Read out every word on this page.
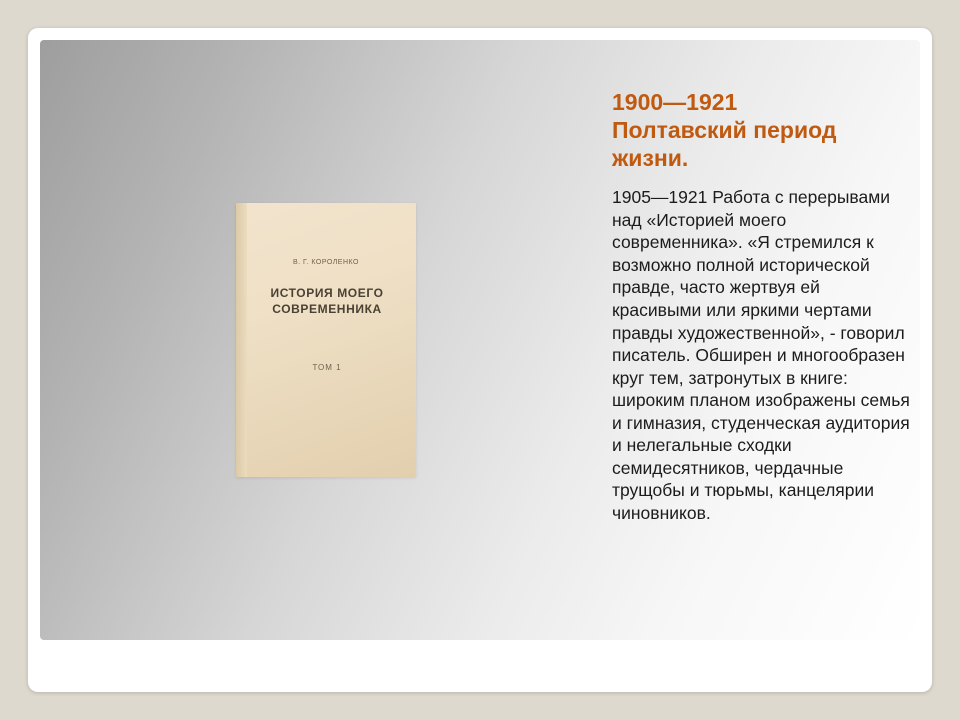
В. Г. КОРОЛЕНКО
ИСТОРИЯ МОЕГО СОВРЕМЕННИКА
ТОМ 1
1900—1921
Полтавский период жизни.

1905—1921 Работа с перерывами над «Историей моего современника». «Я стремился к возможно полной исторической правде, часто жертвуя ей красивыми или яркими чертами правды художественной», - говорил писатель. Обширен и многообразен круг тем, затронутых в книге: широким планом изображены семья и гимназия, студенческая аудитория и нелегальные сходки семидесятников, чердачные трущобы и тюрьмы, канцелярии чиновников.
